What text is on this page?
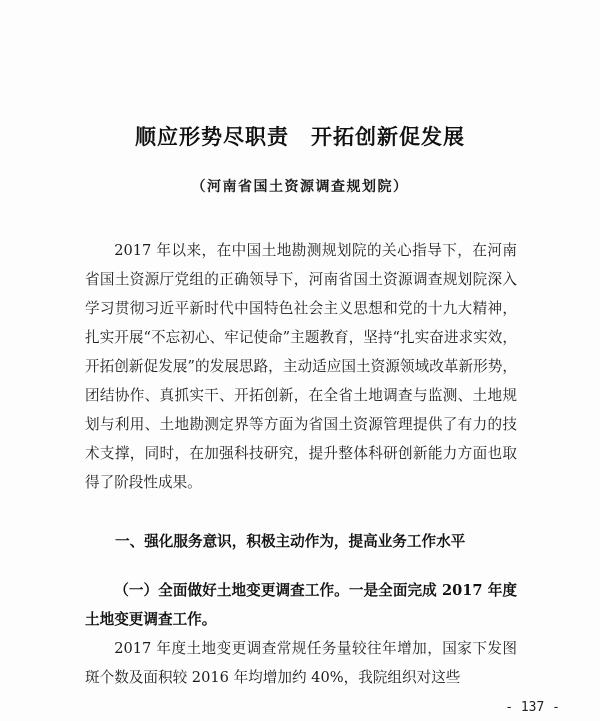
顺应形势尽职责　开拓创新促发展
（河南省国土资源调查规划院）

2017 年以来，在中国土地勘测规划院的关心指导下，在河南省国土资源厅党组的正确领导下，河南省国土资源调查规划院深入学习贯彻习近平新时代中国特色社会主义思想和党的十九大精神，扎实开展“不忘初心、牢记使命”主题教育，坚持“扎实奋进求实效，开拓创新促发展”的发展思路，主动适应国土资源领域改革新形势，团结协作、真抓实干、开拓创新，在全省土地调查与监测、土地规划与利用、土地勘测定界等方面为省国土资源管理提供了有力的技术支撑，同时，在加强科技研究，提升整体科研创新能力方面也取得了阶段性成果。

一、强化服务意识，积极主动作为，提高业务工作水平

（一）全面做好土地变更调查工作。一是全面完成 2017 年度土地变更调查工作。

2017 年度土地变更调查常规任务量较往年增加，国家下发图斑个数及面积较 2016 年均增加约 40%，我院组织对这些

- 137 -
